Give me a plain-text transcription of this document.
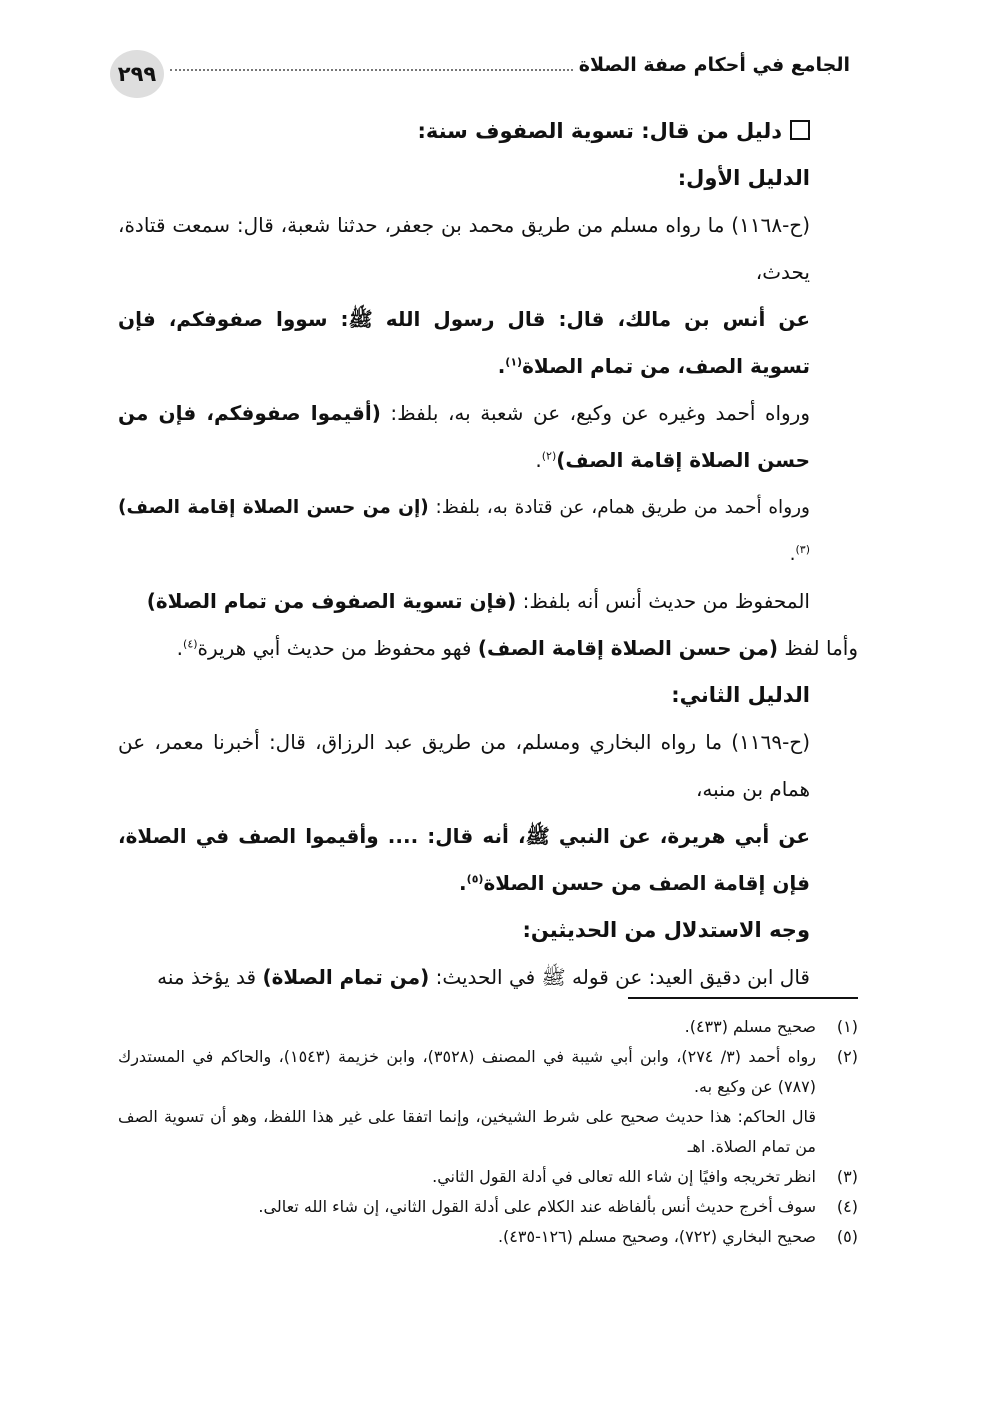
٢٩٩	الجامع في أحكام صفة الصلاة

دليل من قال: تسوية الصفوف سنة:

الدليل الأول:

(ح-١١٦٨) ما رواه مسلم من طريق محمد بن جعفر، حدثنا شعبة، قال: سمعت قتادة، يحدث،

عن أنس بن مالك، قال: قال رسول الله ﷺ: سووا صفوفكم، فإن تسوية الصف، من تمام الصلاة$^{(١)}$.

ورواه أحمد وغيره عن وكيع، عن شعبة به، بلفظ: (أقيموا صفوفكم، فإن من حسن الصلاة إقامة الصف)$^{(٢)}$.

ورواه أحمد من طريق همام، عن قتادة به، بلفظ: (إن من حسن الصلاة إقامة الصف)$^{(٣)}$.

المحفوظ من حديث أنس أنه بلفظ: (فإن تسوية الصفوف من تمام الصلاة)

وأما لفظ (من حسن الصلاة إقامة الصف) فهو محفوظ من حديث أبي هريرة$^{(٤)}$.

الدليل الثاني:

(ح-١١٦٩) ما رواه البخاري ومسلم، من طريق عبد الرزاق، قال: أخبرنا معمر، عن همام بن منبه،

عن أبي هريرة، عن النبي ﷺ، أنه قال: .... وأقيموا الصف في الصلاة، فإن إقامة الصف من حسن الصلاة$^{(٥)}$.

وجه الاستدلال من الحديثين:

قال ابن دقيق العيد: عن قوله ﷺ في الحديث: (من تمام الصلاة) قد يؤخذ منه

(١)
صحيح مسلم (٤٣٣).

(٢)
رواه أحمد (٣/ ٢٧٤)، وابن أبي شيبة في المصنف (٣٥٢٨)، وابن خزيمة (١٥٤٣)، والحاكم في المستدرك (٧٨٧) عن وكيع به.

قال الحاكم: هذا حديث صحيح على شرط الشيخين، وإنما اتفقا على غير هذا اللفظ، وهو أن تسوية الصف من تمام الصلاة. اهـ

(٣)
انظر تخريجه وافيًا إن شاء الله تعالى في أدلة القول الثاني.

(٤)
سوف أخرج حديث أنس بألفاظه عند الكلام على أدلة القول الثاني، إن شاء الله تعالى.

(٥)
صحيح البخاري (٧٢٢)، وصحيح مسلم (١٢٦-٤٣٥).
